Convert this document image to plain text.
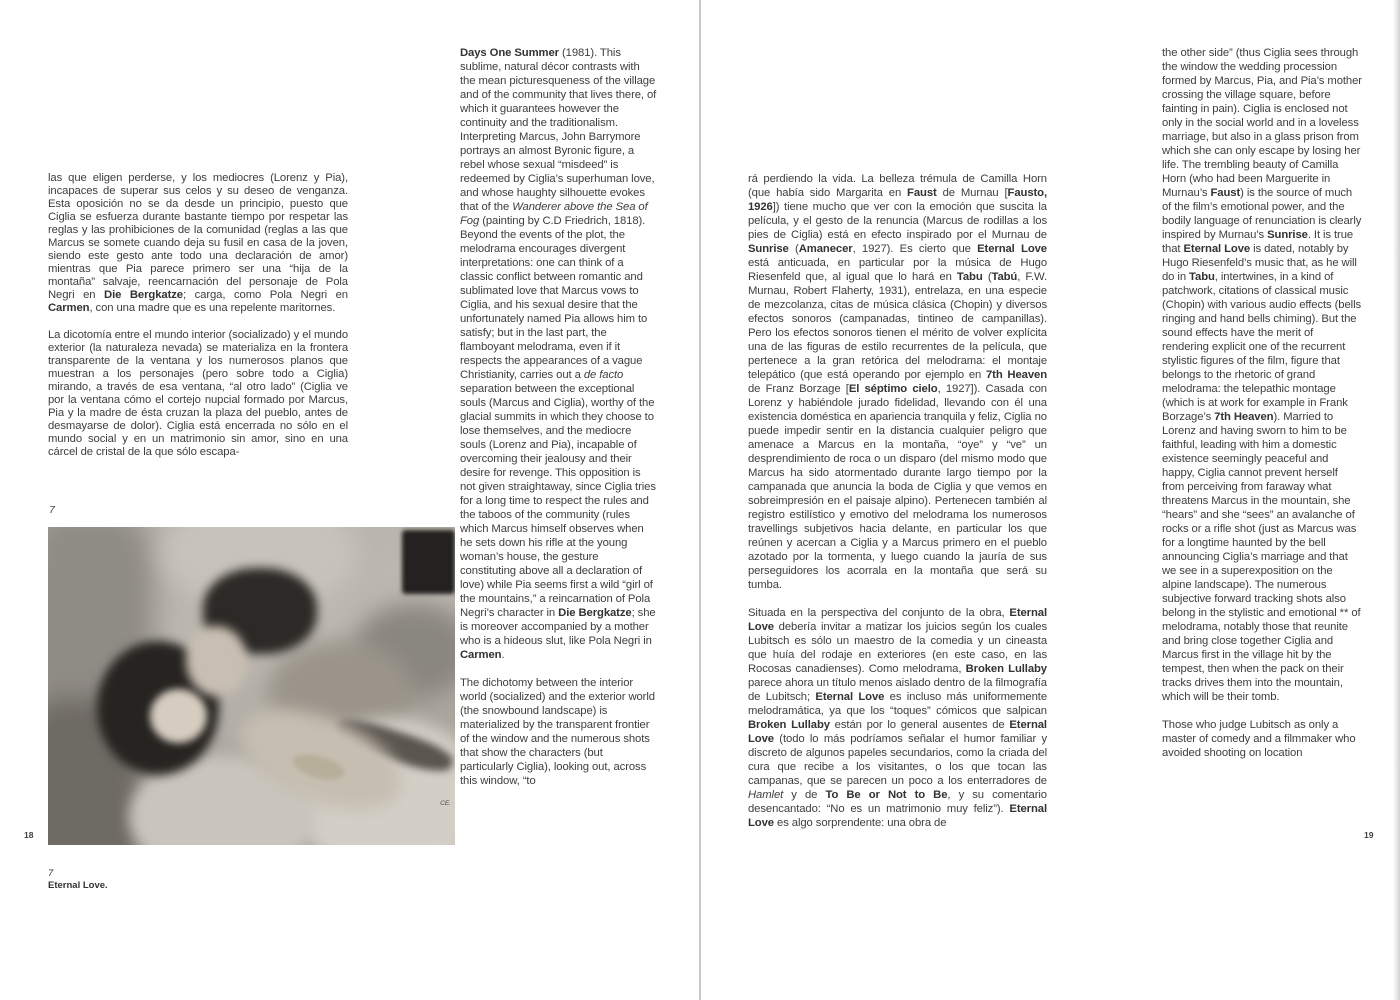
las que eligen perderse, y los mediocres (Lorenz y Pia), incapaces de superar sus celos y su deseo de venganza. Esta oposición no se da desde un principio, puesto que Ciglia se esfuerza durante bastante tiempo por respetar las reglas y las prohibiciones de la comunidad (reglas a las que Marcus se somete cuando deja su fusil en casa de la joven, siendo este gesto ante todo una declaración de amor) mientras que Pia parece primero ser una “hija de la montaña” salvaje, reencarnación del personaje de Pola Negri en Die Bergkatze; carga, como Pola Negri en Carmen, con una madre que es una repelente maritornes.

La dicotomía entre el mundo interior (socializado) y el mundo exterior (la naturaleza nevada) se materializa en la frontera transparente de la ventana y los numerosos planos que muestran a los personajes (pero sobre todo a Ciglia) mirando, a través de esa ventana, “al otro lado” (Ciglia ve por la ventana cómo el cortejo nupcial formado por Marcus, Pia y la madre de ésta cruzan la plaza del pueblo, antes de desmayarse de dolor). Ciglia está encerrada no sólo en el mundo social y en un matrimonio sin amor, sino en una cárcel de cristal de la que sólo escapa-

7
CE.
7
Eternal Love.

Days One Summer (1981). This sublime, natural décor contrasts with the mean picturesqueness of the village and of the community that lives there, of which it guarantees however the continuity and the traditionalism. Interpreting Marcus, John Barrymore portrays an almost Byronic figure, a rebel whose sexual “misdeed” is redeemed by Ciglia’s superhuman love, and whose haughty silhouette evokes that of the Wanderer above the Sea of Fog (painting by C.D Friedrich, 1818). Beyond the events of the plot, the melodrama encourages divergent interpretations: one can think of a classic conflict between romantic and sublimated love that Marcus vows to Ciglia, and his sexual desire that the unfortunately named Pia allows him to satisfy; but in the last part, the flamboyant melodrama, even if it respects the appearances of a vague Christianity, carries out a de facto separation between the exceptional souls (Marcus and Ciglia), worthy of the glacial summits in which they choose to lose themselves, and the mediocre souls (Lorenz and Pia), incapable of overcoming their jealousy and their desire for revenge. This opposition is not given straightaway, since Ciglia tries for a long time to respect the rules and the taboos of the community (rules which Marcus himself observes when he sets down his rifle at the young woman’s house, the gesture constituting above all a declaration of love) while Pia seems first a wild “girl of the mountains,” a reincarnation of Pola Negri’s character in Die Bergkatze; she is moreover accompanied by a mother who is a hideous slut, like Pola Negri in Carmen.

The dichotomy between the interior world (socialized) and the exterior world (the snowbound landscape) is materialized by the transparent frontier of the window and the numerous shots that show the characters (but particularly Ciglia), looking out, across this window, “to

rá perdiendo la vida. La belleza trémula de Camilla Horn (que había sido Margarita en Faust de Murnau [Fausto, 1926]) tiene mucho que ver con la emoción que suscita la película, y el gesto de la renuncia (Marcus de rodillas a los pies de Ciglia) está en efecto inspirado por el Murnau de Sunrise (Amanecer, 1927). Es cierto que Eternal Love está anticuada, en particular por la música de Hugo Riesenfeld que, al igual que lo hará en Tabu (Tabú, F.W. Murnau, Robert Flaherty, 1931), entrelaza, en una especie de mezcolanza, citas de música clásica (Chopin) y diversos efectos sonoros (campanadas, tintineo de campanillas). Pero los efectos sonoros tienen el mérito de volver explícita una de las figuras de estilo recurrentes de la película, que pertenece a la gran retórica del melodrama: el montaje telepático (que está operando por ejemplo en 7th Heaven de Franz Borzage [El séptimo cielo, 1927]). Casada con Lorenz y habiéndole jurado fidelidad, llevando con él una existencia doméstica en apariencia tranquila y feliz, Ciglia no puede impedir sentir en la distancia cualquier peligro que amenace a Marcus en la montaña, “oye” y “ve” un desprendimiento de roca o un disparo (del mismo modo que Marcus ha sido atormentado durante largo tiempo por la campanada que anuncia la boda de Ciglia y que vemos en sobreimpresión en el paisaje alpino). Pertenecen también al registro estilístico y emotivo del melodrama los numerosos travellings subjetivos hacia delante, en particular los que reúnen y acercan a Ciglia y a Marcus primero en el pueblo azotado por la tormenta, y luego cuando la jauría de sus perseguidores los acorrala en la montaña que será su tumba.

Situada en la perspectiva del conjunto de la obra, Eternal Love debería invitar a matizar los juicios según los cuales Lubitsch es sólo un maestro de la comedia y un cineasta que huía del rodaje en exteriores (en este caso, en las Rocosas canadienses). Como melodrama, Broken Lullaby parece ahora un título menos aislado dentro de la filmografía de Lubitsch; Eternal Love es incluso más uniformemente melodramática, ya que los “toques” cómicos que salpican Broken Lullaby están por lo general ausentes de Eternal Love (todo lo más podríamos señalar el humor familiar y discreto de algunos papeles secundarios, como la criada del cura que recibe a los visitantes, o los que tocan las campanas, que se parecen un poco a los enterradores de Hamlet y de To Be or Not to Be, y su comentario desencantado: “No es un matrimonio muy feliz”). Eternal Love es algo sorprendente: una obra de

the other side” (thus Ciglia sees through the window the wedding procession formed by Marcus, Pia, and Pia’s mother crossing the village square, before fainting in pain). Ciglia is enclosed not only in the social world and in a loveless marriage, but also in a glass prison from which she can only escape by losing her life. The trembling beauty of Camilla Horn (who had been Marguerite in Murnau’s Faust) is the source of much of the film’s emotional power, and the bodily language of renunciation is clearly inspired by Murnau’s Sunrise. It is true that Eternal Love is dated, notably by Hugo Riesenfeld’s music that, as he will do in Tabu, intertwines, in a kind of patchwork, citations of classical music (Chopin) with various audio effects (bells ringing and hand bells chiming). But the sound effects have the merit of rendering explicit one of the recurrent stylistic figures of the film, figure that belongs to the rhetoric of grand melodrama: the telepathic montage (which is at work for example in Frank Borzage’s 7th Heaven). Married to Lorenz and having sworn to him to be faithful, leading with him a domestic existence seemingly peaceful and happy, Ciglia cannot prevent herself from perceiving from faraway what threatens Marcus in the mountain, she “hears” and she “sees” an avalanche of rocks or a rifle shot (just as Marcus was for a longtime haunted by the bell announcing Ciglia’s marriage and that we see in a superexposition on the alpine landscape). The numerous subjective forward tracking shots also belong in the stylistic and emotional ** of melodrama, notably those that reunite and bring close together Ciglia and Marcus first in the village hit by the tempest, then when the pack on their tracks drives them into the mountain, which will be their tomb.

Those who judge Lubitsch as only a master of comedy and a filmmaker who avoided shooting on location

18	19
